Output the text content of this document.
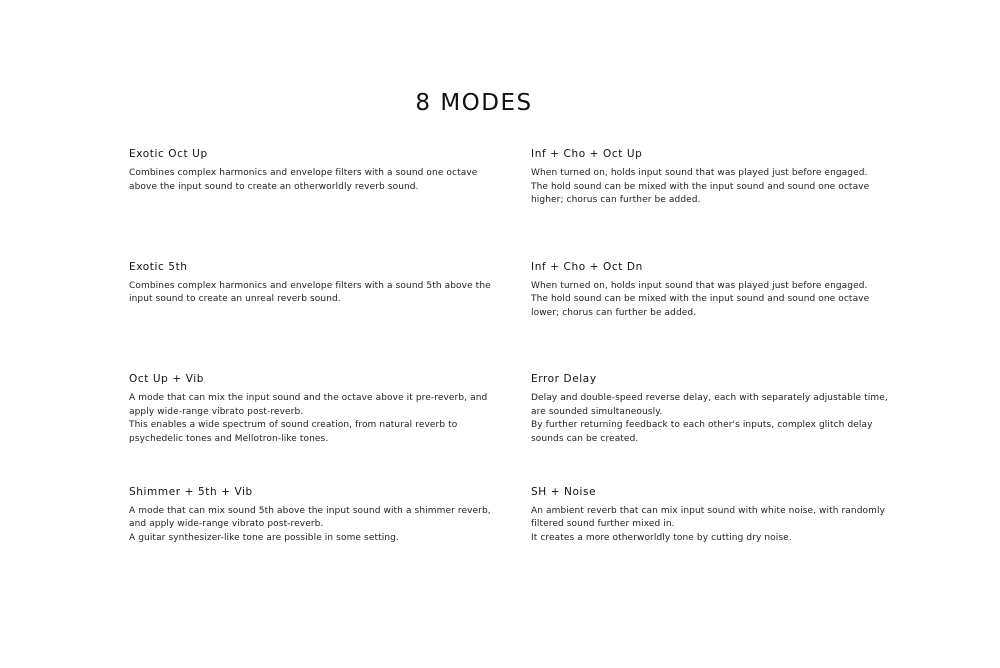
8 MODES
Exotic Oct Up

Combines complex harmonics and envelope filters with a sound one octave
above the input sound to create an otherworldly reverb sound.

Inf + Cho + Oct Up

When turned on, holds input sound that was played just before engaged.
The hold sound can be mixed with the input sound and sound one octave
higher; chorus can further be added.

Exotic 5th

Combines complex harmonics and envelope filters with a sound 5th above the
input sound to create an unreal reverb sound.

Inf + Cho + Oct Dn

When turned on, holds input sound that was played just before engaged.
The hold sound can be mixed with the input sound and sound one octave
lower; chorus can further be added.

Oct Up + Vib

A mode that can mix the input sound and the octave above it pre-reverb, and
apply wide-range vibrato post-reverb.
This enables a wide spectrum of sound creation, from natural reverb to
psychedelic tones and Mellotron-like tones.

Error Delay

Delay and double-speed reverse delay, each with separately adjustable time,
are sounded simultaneously.
By further returning feedback to each other's inputs, complex glitch delay
sounds can be created.

Shimmer + 5th + Vib

A mode that can mix sound 5th above the input sound with a shimmer reverb,
and apply wide-range vibrato post-reverb.
A guitar synthesizer-like tone are possible in some setting.

SH + Noise

An ambient reverb that can mix input sound with white noise, with randomly
filtered sound further mixed in.
It creates a more otherworldly tone by cutting dry noise.
